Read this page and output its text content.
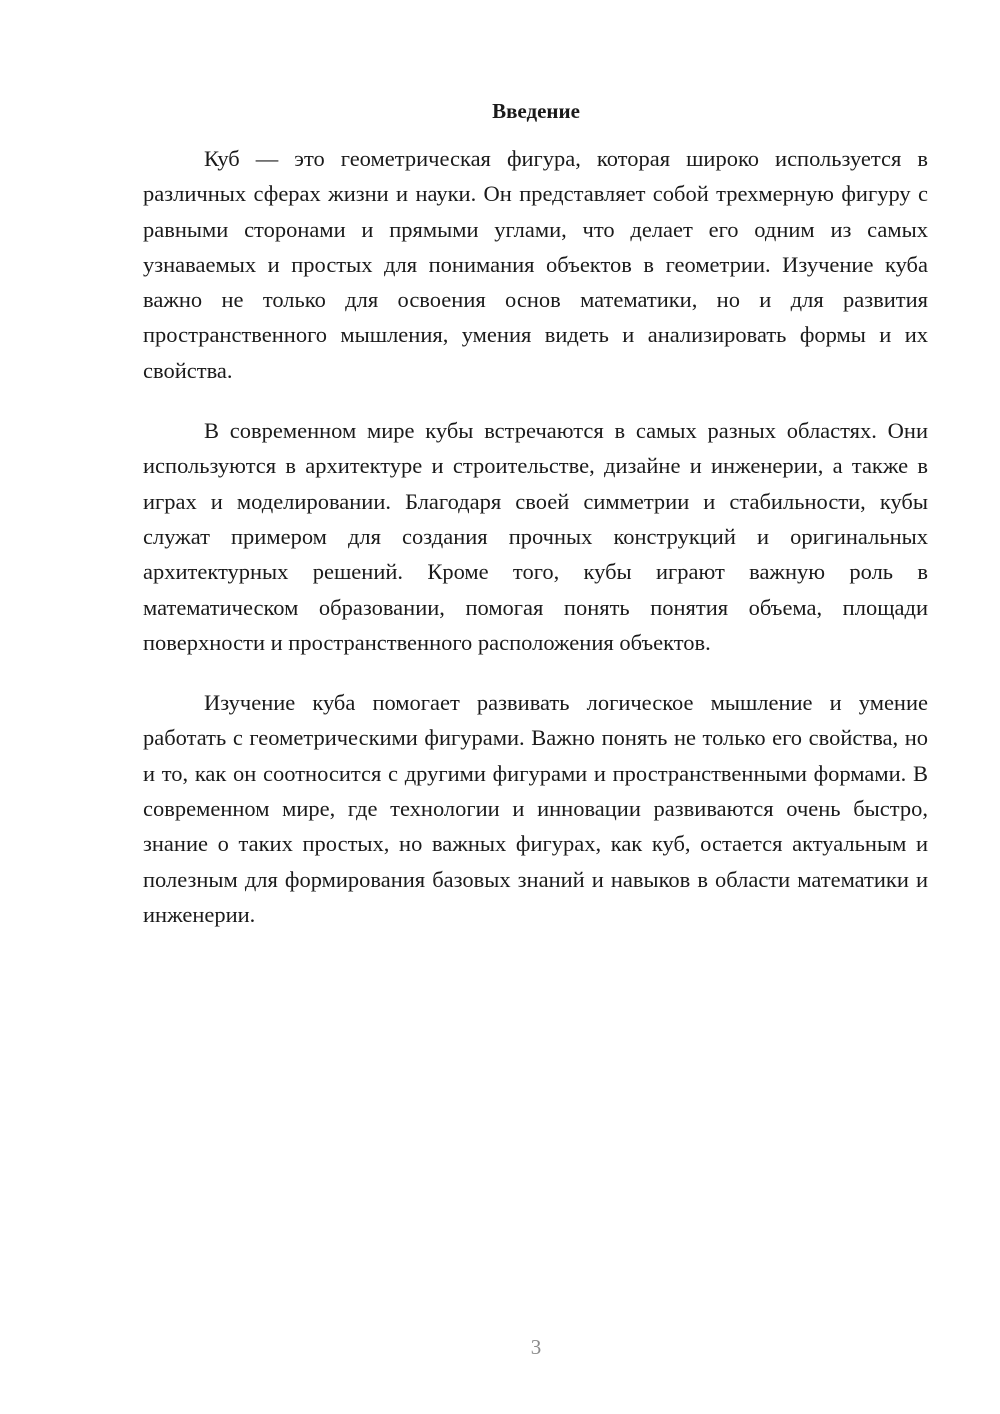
Введение

Куб — это геометрическая фигура, которая широко используется в различных сферах жизни и науки. Он представляет собой трехмерную фигуру с равными сторонами и прямыми углами, что делает его одним из самых узнаваемых и простых для понимания объектов в геометрии. Изучение куба важно не только для освоения основ математики, но и для развития пространственного мышления, умения видеть и анализировать формы и их свойства.

В современном мире кубы встречаются в самых разных областях. Они используются в архитектуре и строительстве, дизайне и инженерии, а также в играх и моделировании. Благодаря своей симметрии и стабильности, кубы служат примером для создания прочных конструкций и оригинальных архитектурных решений. Кроме того, кубы играют важную роль в математическом образовании, помогая понять понятия объема, площади поверхности и пространственного расположения объектов.

Изучение куба помогает развивать логическое мышление и умение работать с геометрическими фигурами. Важно понять не только его свойства, но и то, как он соотносится с другими фигурами и пространственными формами. В современном мире, где технологии и инновации развиваются очень быстро, знание о таких простых, но важных фигурах, как куб, остается актуальным и полезным для формирования базовых знаний и навыков в области математики и инженерии.

3
